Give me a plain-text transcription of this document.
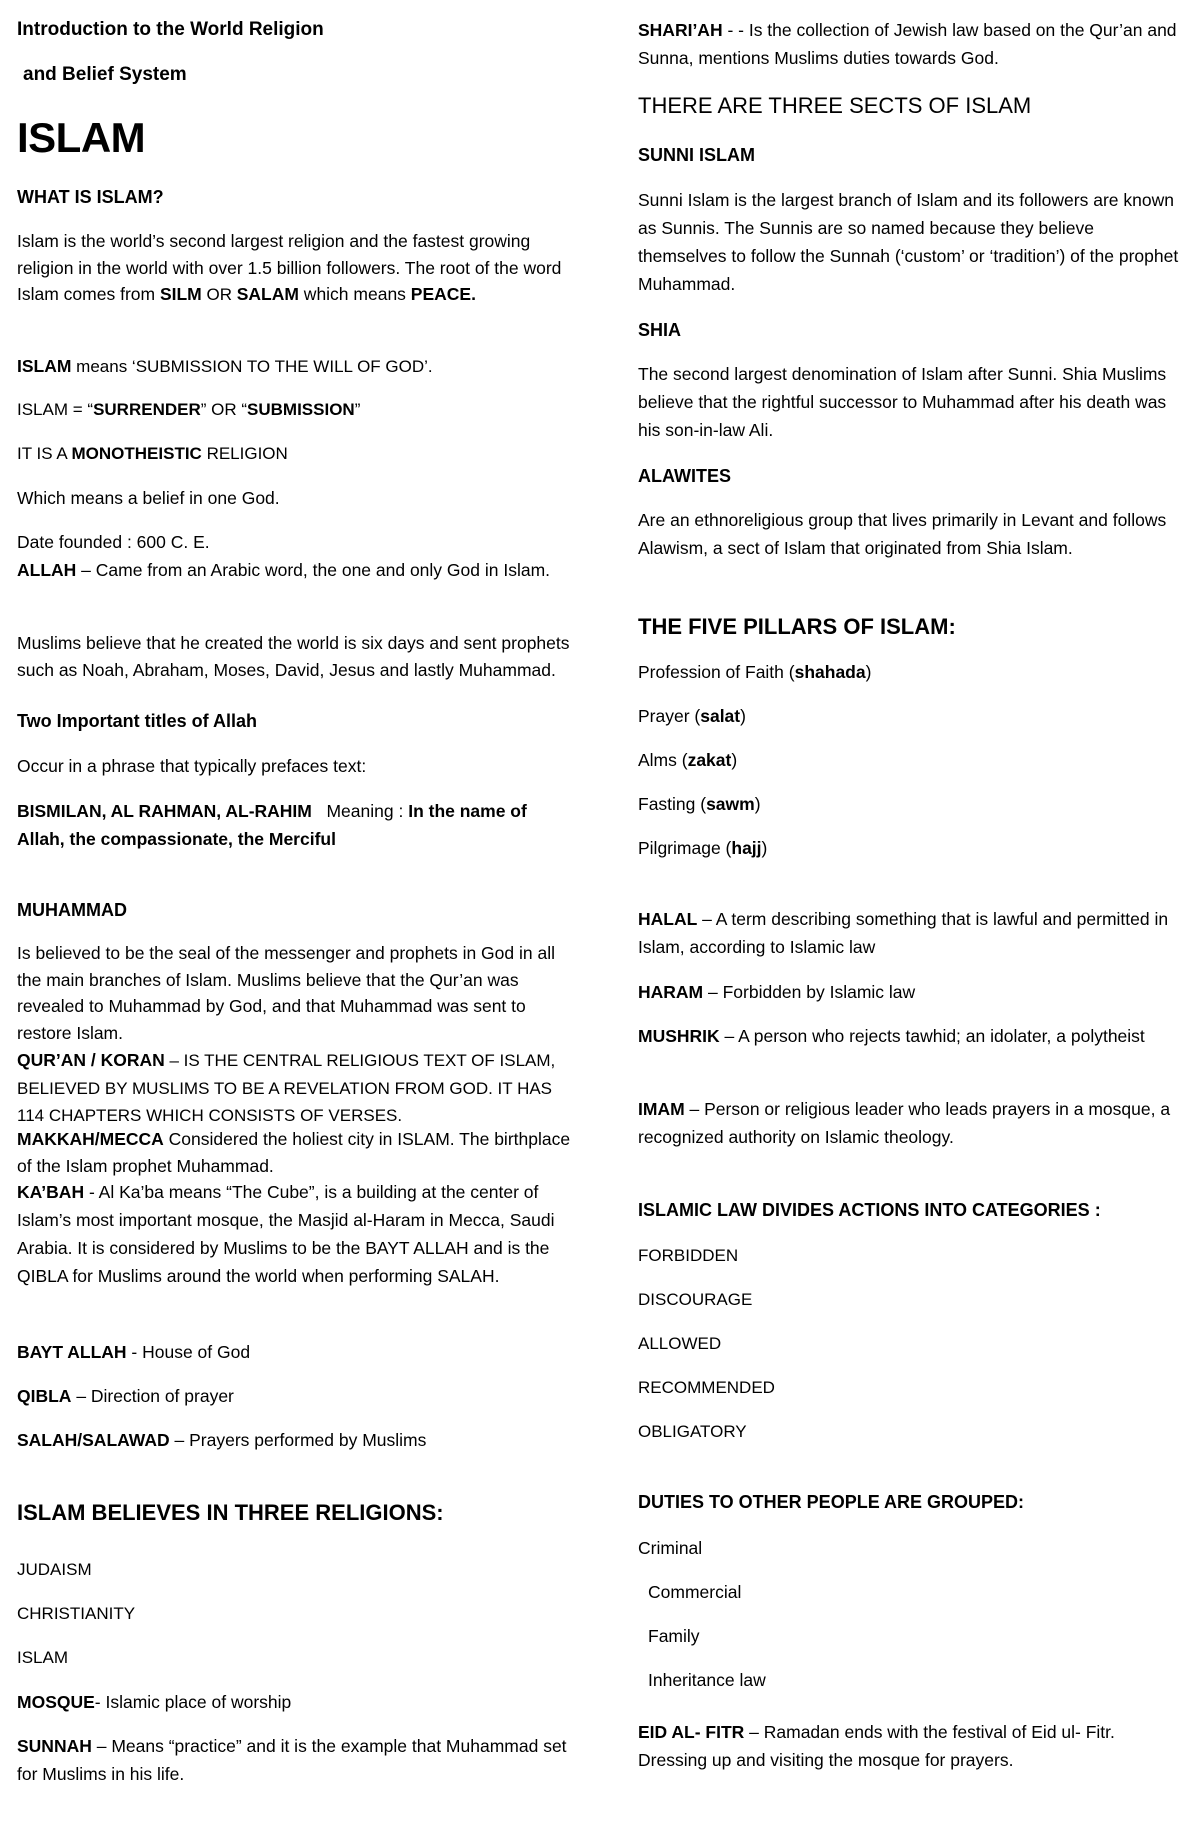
Introduction to the World Religion
and Belief System
ISLAM
WHAT IS ISLAM?
Islam is the world’s second largest religion and the fastest growing religion in the world with over 1.5 billion followers. The root of the word Islam comes from SILM OR SALAM which means PEACE.
ISLAM means ‘SUBMISSION TO THE WILL OF GOD’.
ISLAM = “SURRENDER” OR “SUBMISSION”
IT IS A MONOTHEISTIC RELIGION
Which means a belief in one God.
Date founded : 600 C. E.
ALLAH – Came from an Arabic word, the one and only God in Islam.
Muslims believe that he created the world is six days and sent prophets such as Noah, Abraham, Moses, David, Jesus and lastly Muhammad.
Two Important titles of Allah
Occur in a phrase that typically prefaces text:
BISMILAN, AL RAHMAN, AL-RAHIM Meaning : In the name of Allah, the compassionate, the Merciful
MUHAMMAD
Is believed to be the seal of the messenger and prophets in God in all the main branches of Islam. Muslims believe that the Qur’an was revealed to Muhammad by God, and that Muhammad was sent to restore Islam.
QUR’AN / KORAN – IS THE CENTRAL RELIGIOUS TEXT OF ISLAM, BELIEVED BY MUSLIMS TO BE A REVELATION FROM GOD. IT HAS 114 CHAPTERS WHICH CONSISTS OF VERSES.
MAKKAH/MECCA Considered the holiest city in ISLAM. The birthplace of the Islam prophet Muhammad.
KA’BAH - Al Ka’ba means “The Cube”, is a building at the center of Islam’s most important mosque, the Masjid al-Haram in Mecca, Saudi Arabia. It is considered by Muslims to be the BAYT ALLAH and is the QIBLA for Muslims around the world when performing SALAH.
BAYT ALLAH - House of God
QIBLA – Direction of prayer
SALAH/SALAWAD – Prayers performed by Muslims
ISLAM BELIEVES IN THREE RELIGIONS:
JUDAISM
CHRISTIANITY
ISLAM
MOSQUE- Islamic place of worship
SUNNAH – Means “practice” and it is the example that Muhammad set for Muslims in his life.
SHARI’AH - - Is the collection of Jewish law based on the Qur’an and Sunna, mentions Muslims duties towards God.
THERE ARE THREE SECTS OF ISLAM
SUNNI ISLAM
Sunni Islam is the largest branch of Islam and its followers are known as Sunnis. The Sunnis are so named because they believe themselves to follow the Sunnah (‘custom’ or ‘tradition’) of the prophet Muhammad.
SHIA
The second largest denomination of Islam after Sunni. Shia Muslims believe that the rightful successor to Muhammad after his death was his son-in-law Ali.
ALAWITES
Are an ethnoreligious group that lives primarily in Levant and follows Alawism, a sect of Islam that originated from Shia Islam.
THE FIVE PILLARS OF ISLAM:
Profession of Faith (shahada)
Prayer (salat)
Alms (zakat)
Fasting (sawm)
Pilgrimage (hajj)
HALAL – A term describing something that is lawful and permitted in Islam, according to Islamic law
HARAM – Forbidden by Islamic law
MUSHRIK – A person who rejects tawhid; an idolater, a polytheist
IMAM – Person or religious leader who leads prayers in a mosque, a recognized authority on Islamic theology.
ISLAMIC LAW DIVIDES ACTIONS INTO CATEGORIES :
FORBIDDEN
DISCOURAGE
ALLOWED
RECOMMENDED
OBLIGATORY
DUTIES TO OTHER PEOPLE ARE GROUPED:
Criminal
Commercial
Family
Inheritance law
EID AL- FITR – Ramadan ends with the festival of Eid ul- Fitr. Dressing up and visiting the mosque for prayers.
